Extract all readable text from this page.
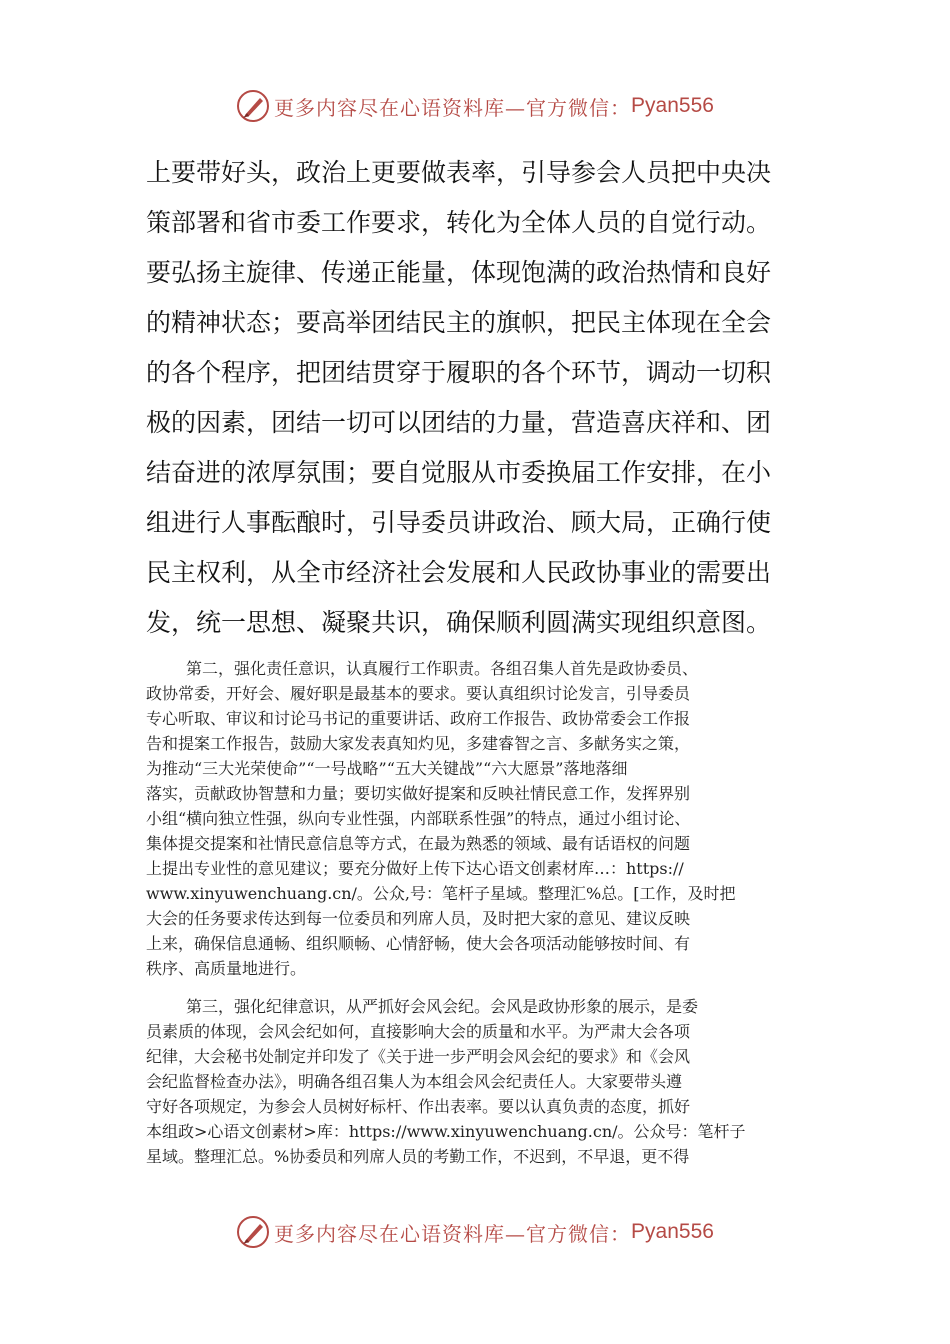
更多内容尽在心语资料库—官方微信： Pyan556
上要带好头，政治上更要做表率，引导参会人员把中央决
策部署和省市委工作要求，转化为全体人员的自觉行动。
要弘扬主旋律、传递正能量，体现饱满的政治热情和良好
的精神状态；要高举团结民主的旗帜，把民主体现在全会
的各个程序，把团结贯穿于履职的各个环节，调动一切积
极的因素，团结一切可以团结的力量，营造喜庆祥和、团
结奋进的浓厚氛围；要自觉服从市委换届工作安排，在小
组进行人事酝酿时，引导委员讲政治、顾大局，正确行使
民主权利，从全市经济社会发展和人民政协事业的需要出
发，统一思想、凝聚共识，确保顺利圆满实现组织意图。
第二，强化责任意识，认真履行工作职责。各组召集人首先是政协委员、
政协常委，开好会、履好职是最基本的要求。要认真组织讨论发言，引导委员
专心听取、审议和讨论马书记的重要讲话、政府工作报告、政协常委会工作报
告和提案工作报告，鼓励大家发表真知灼见，多建睿智之言、多献务实之策，
为推动“三大光荣使命”“一号战略”“五大关键战”“六大愿景”落地落细
落实，贡献政协智慧和力量；要切实做好提案和反映社情民意工作，发挥界别
小组“横向独立性强，纵向专业性强，内部联系性强”的特点，通过小组讨论、
集体提交提案和社情民意信息等方式，在最为熟悉的领域、最有话语权的问题
上提出专业性的意见建议；要充分做好上传下达心语文创素材库…：https://
www.xinyuwenchuang.cn/。公众,号：笔杆子星域。整理汇%总。[工作，及时把
大会的任务要求传达到每一位委员和列席人员，及时把大家的意见、建议反映
上来，确保信息通畅、组织顺畅、心情舒畅，使大会各项活动能够按时间、有
秩序、高质量地进行。
第三，强化纪律意识，从严抓好会风会纪。会风是政协形象的展示，是委
员素质的体现，会风会纪如何，直接影响大会的质量和水平。为严肃大会各项
纪律，大会秘书处制定并印发了《关于进一步严明会风会纪的要求》和《会风
会纪监督检查办法》，明确各组召集人为本组会风会纪责任人。大家要带头遵
守好各项规定，为参会人员树好标杆、作出表率。要以认真负责的态度，抓好
本组政>心语文创素材>库：https://www.xinyuwenchuang.cn/。公众号：笔杆子
星域。整理汇总。%协委员和列席人员的考勤工作，不迟到，不早退，更不得
更多内容尽在心语资料库—官方微信： Pyan556
